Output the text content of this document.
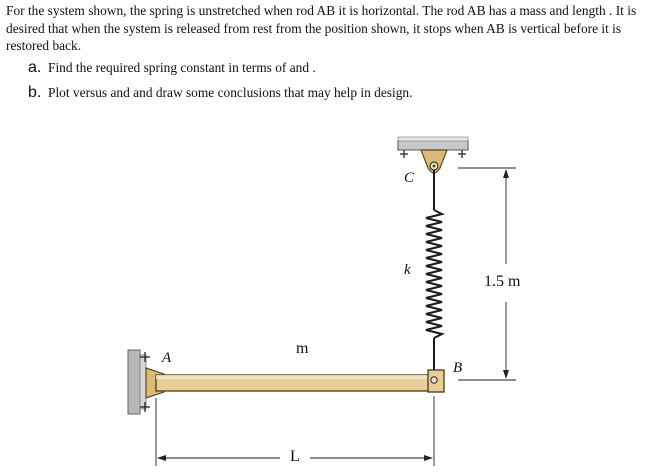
For the system shown, the spring is unstretched when rod AB it is horizontal. The rod AB has a mass and length . It is desired that when the system is released from rest from the position shown, it stops when AB is vertical before it is restored back.

a. Find the required spring constant in terms of and .
b. Plot versus and and draw some conclusions that may help in design.
C
k
A
B
m
L
1.5 m
